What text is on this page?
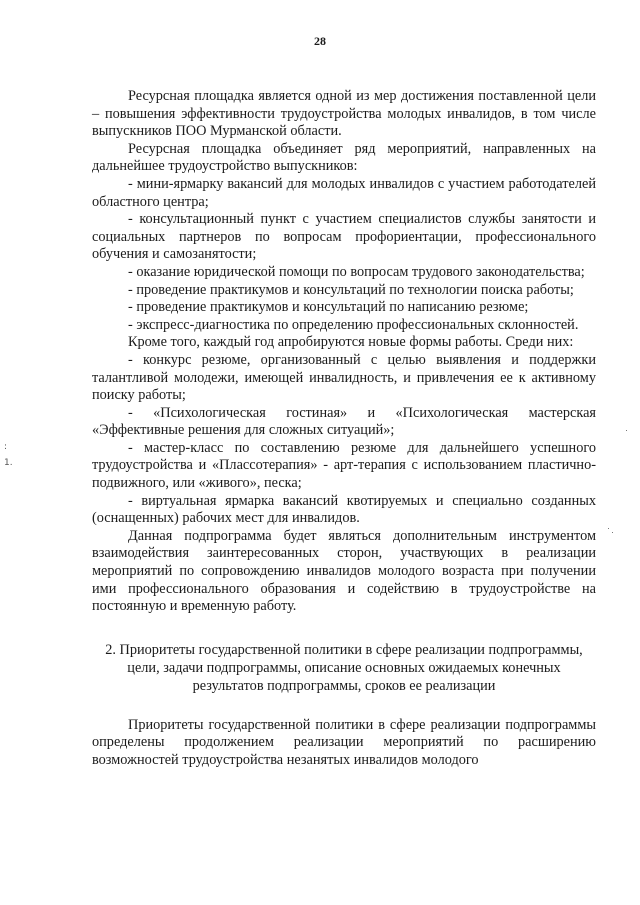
28
:
1.

Ресурсная площадка является одной из мер достижения поставленной цели – повышения эффективности трудоустройства молодых инвалидов, в том числе выпускников ПОО Мурманской области.

Ресурсная площадка объединяет ряд мероприятий, направленных на дальнейшее трудоустройство выпускников:

- мини-ярмарку вакансий для молодых инвалидов с участием работодателей областного центра;

- консультационный пункт с участием специалистов службы занятости и социальных партнеров по вопросам профориентации, профессионального обучения и самозанятости;

- оказание юридической помощи по вопросам трудового законодательства;

- проведение практикумов и консультаций по технологии поиска работы;

- проведение практикумов и консультаций по написанию резюме;

- экспресс-диагностика по определению профессиональных склонностей.

Кроме того, каждый год апробируются новые формы работы. Среди них:

- конкурс резюме, организованный с целью выявления и поддержки талантливой молодежи, имеющей инвалидность, и привлечения ее к активному поиску работы;

- «Психологическая гостиная» и «Психологическая мастерская «Эффективные решения для сложных ситуаций»;

- мастер-класс по составлению резюме для дальнейшего успешного трудоустройства и «Плассотерапия» - арт-терапия с использованием пластично-подвижного, или «живого», песка;

- виртуальная ярмарка вакансий квотируемых и специально созданных (оснащенных) рабочих мест для инвалидов.

Данная подпрограмма будет являться дополнительным инструментом взаимодействия заинтересованных сторон, участвующих в реализации мероприятий по сопровождению инвалидов молодого возраста при получении ими профессионального образования и содействию в трудоустройстве на постоянную и временную работу.

2. Приоритеты государственной политики в сфере реализации подпрограммы, цели, задачи подпрограммы, описание основных ожидаемых конечных результатов подпрограммы, сроков ее реализации

Приоритеты государственной политики в сфере реализации подпрограммы определены продолжением реализации мероприятий по расширению возможностей трудоустройства незанятых инвалидов молодого
